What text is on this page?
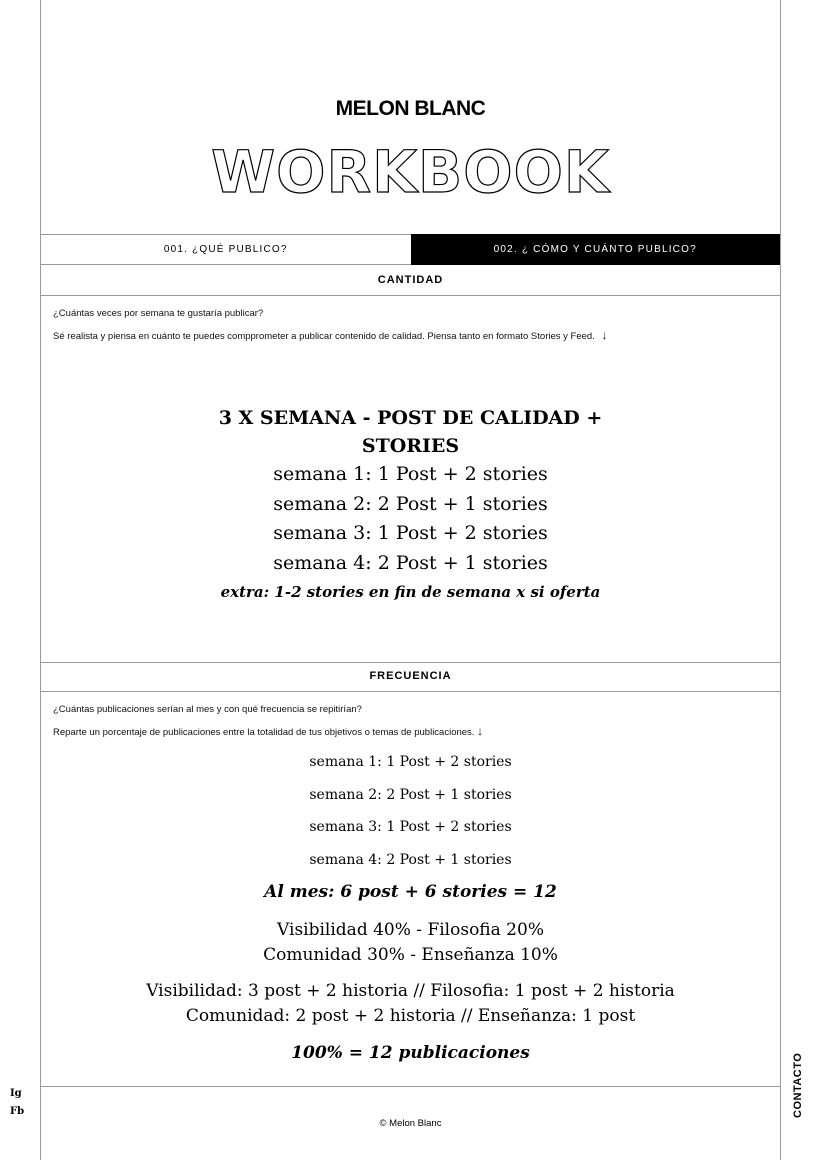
MELON BLANC
WORKBOOK
001. ¿QUÉ PUBLICO?	002. ¿ CÓMO Y CUÁNTO PUBLICO?
CANTIDAD
¿Cuántas veces por semana te gustaría publicar?
Sé realista y piensa en cuánto te puedes compprometer a publicar contenido de calidad. Piensa tanto en formato Stories y Feed. ↓
3 X SEMANA - POST DE CALIDAD +
STORIES
semana 1: 1 Post + 2 stories
semana 2: 2 Post + 1 stories
semana 3: 1 Post + 2 stories
semana 4: 2 Post + 1 stories
extra: 1-2 stories en fin de semana x si oferta
FRECUENCIA
¿Cuántas publicaciones serían al mes y con qué frecuencia se repitirían?
Reparte un porcentaje de publicaciones entre la totalidad de tus objetivos o temas de publicaciones. ↓
semana 1: 1 Post + 2 stories
semana 2: 2 Post + 1 stories
semana 3: 1 Post + 2 stories
semana 4: 2 Post + 1 stories
Al mes: 6 post + 6 stories = 12
Visibilidad 40% - Filosofia 20%
Comunidad 30% - Enseñanza 10%
Visibilidad: 3 post + 2 historia // Filosofia: 1 post + 2 historia
Comunidad: 2 post + 2 historia // Enseñanza: 1 post
100% = 12 publicaciones
© Melon Blanc
Ig
Fb	CONTACTO
